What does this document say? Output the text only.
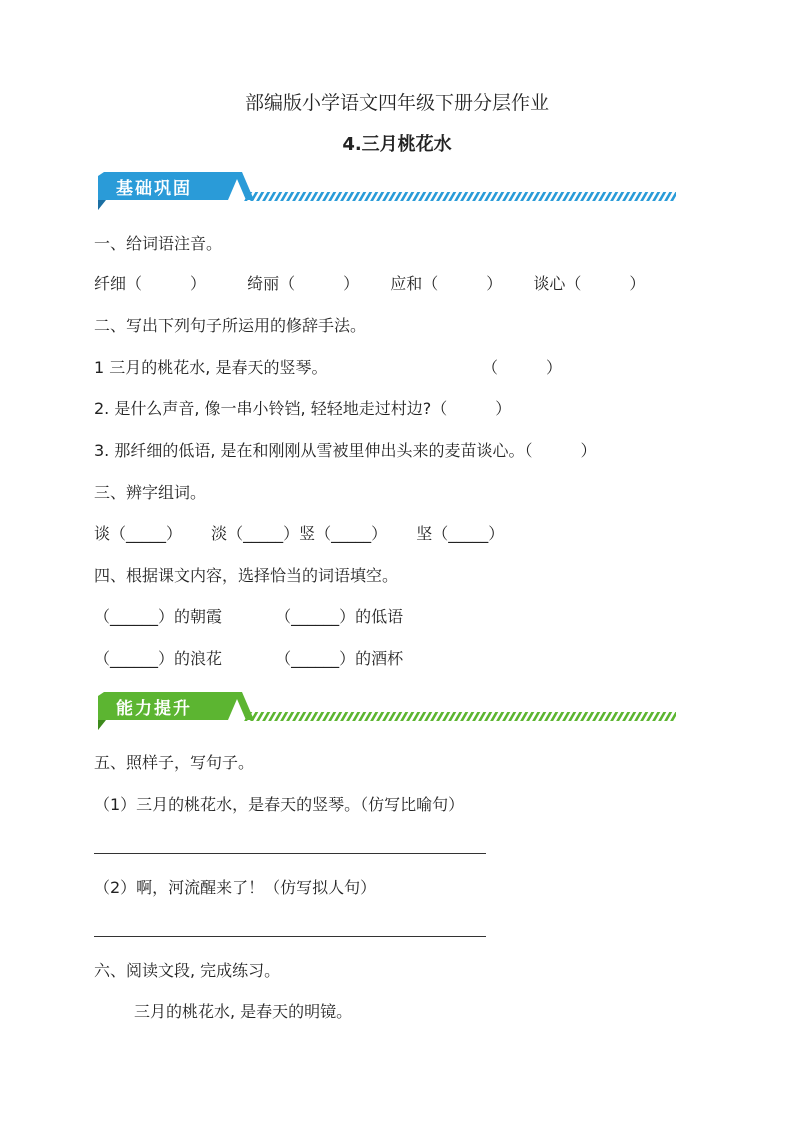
部编版小学语文四年级下册分层作业
4.三月桃花水
基础巩固
一、给词语注音。
纤细（　　　）	绮丽（　　　） 应和（　　　） 谈心（　　　）
二、写出下列句子所运用的修辞手法。
1 三月的桃花水, 是春天的竖琴。	（　　　）
2. 是什么声音, 像一串小铃铛, 轻轻地走过村边?（　　　）
3. 那纤细的低语, 是在和刚刚从雪被里伸出头来的麦苗谈心。（　　　）
三、辨字组词。
谈（_____） 淡（_____）竖（_____） 坚（_____）
四、根据课文内容，选择恰当的词语填空。
（______）的朝霞	（______）的低语
（______）的浪花	（______）的酒杯
能力提升
五、照样子，写句子。
（1）三月的桃花水，是春天的竖琴。（仿写比喻句）
（2）啊，河流醒来了！（仿写拟人句）
六、阅读文段, 完成练习。
三月的桃花水, 是春天的明镜。
